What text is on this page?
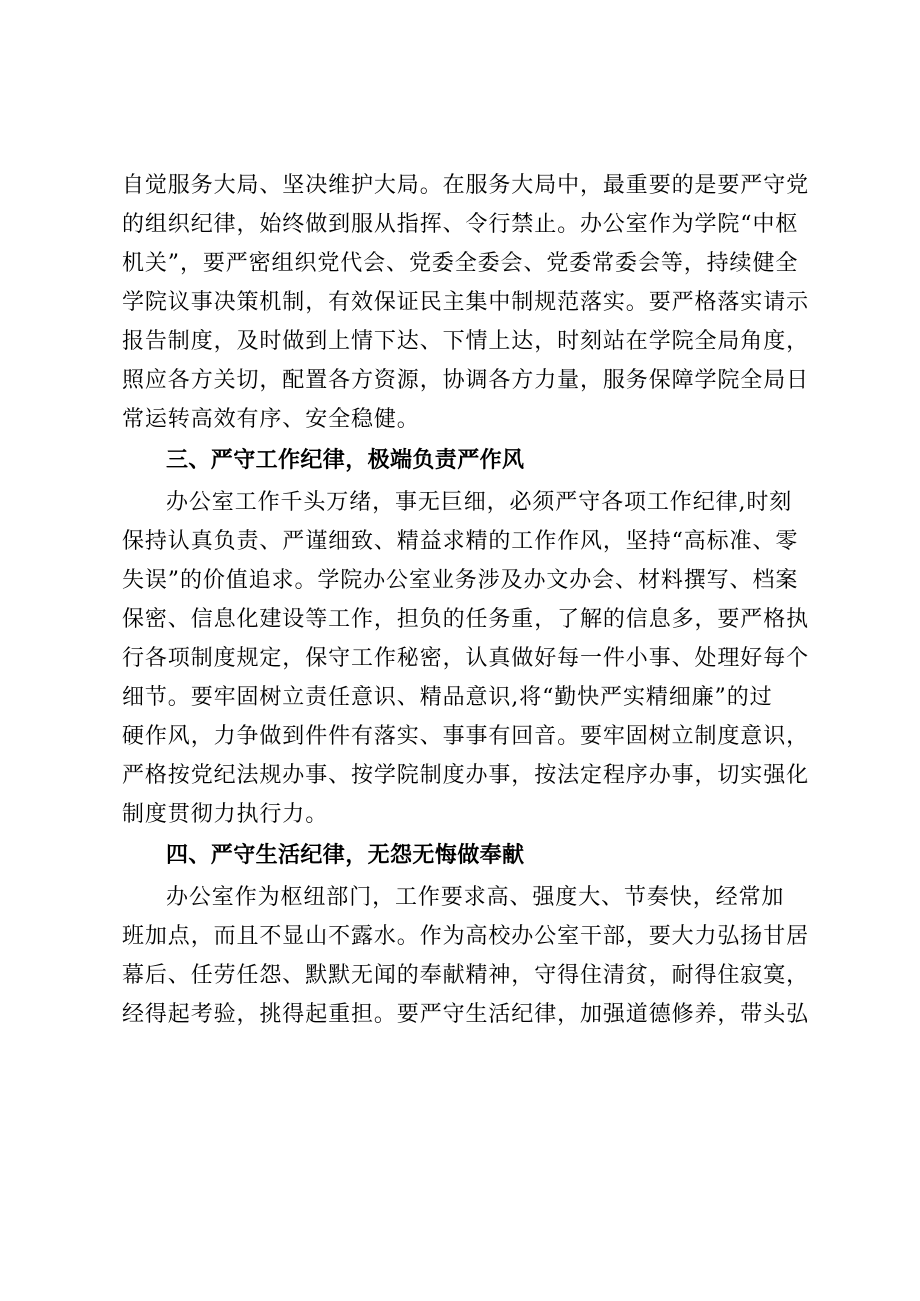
自觉服务大局、坚决维护大局。在服务大局中，最重要的是要严守党
的组织纪律，始终做到服从指挥、令行禁止。办公室作为学院“中枢
机关”，要严密组织党代会、党委全委会、党委常委会等，持续健全
学院议事决策机制，有效保证民主集中制规范落实。要严格落实请示
报告制度，及时做到上情下达、下情上达，时刻站在学院全局角度，
照应各方关切，配置各方资源，协调各方力量，服务保障学院全局日
常运转高效有序、安全稳健。
三、严守工作纪律，极端负责严作风
办公室工作千头万绪，事无巨细，必须严守各项工作纪律,时刻
保持认真负责、严谨细致、精益求精的工作作风，坚持“高标准、零
失误”的价值追求。学院办公室业务涉及办文办会、材料撰写、档案
保密、信息化建设等工作，担负的任务重，了解的信息多，要严格执
行各项制度规定，保守工作秘密，认真做好每一件小事、处理好每个
细节。要牢固树立责任意识、精品意识,将“勤快严实精细廉”的过
硬作风，力争做到件件有落实、事事有回音。要牢固树立制度意识，
严格按党纪法规办事、按学院制度办事，按法定程序办事，切实强化
制度贯彻力执行力。
四、严守生活纪律，无怨无悔做奉献
办公室作为枢纽部门，工作要求高、强度大、节奏快，经常加
班加点，而且不显山不露水。作为高校办公室干部，要大力弘扬甘居
幕后、任劳任怨、默默无闻的奉献精神，守得住清贫，耐得住寂寞，
经得起考验，挑得起重担。要严守生活纪律，加强道德修养，带头弘
